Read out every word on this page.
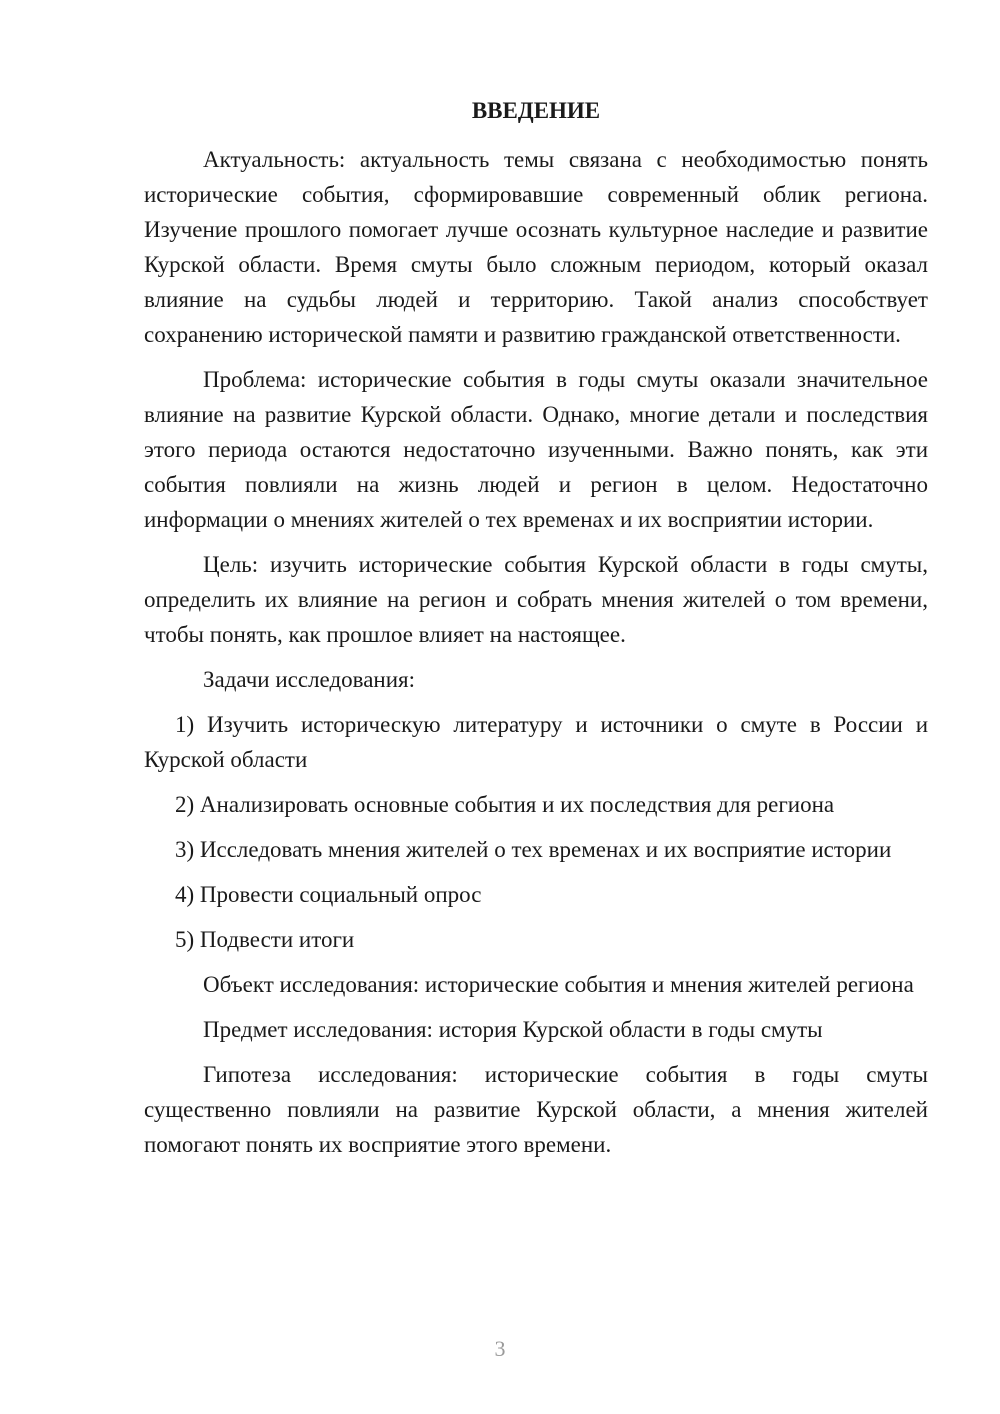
ВВЕДЕНИЕ

Актуальность: актуальность темы связана с необходимостью понять исторические события, сформировавшие современный облик региона. Изучение прошлого помогает лучше осознать культурное наследие и развитие Курской области. Время смуты было сложным периодом, который оказал влияние на судьбы людей и территорию. Такой анализ способствует сохранению исторической памяти и развитию гражданской ответственности.

Проблема: исторические события в годы смуты оказали значительное влияние на развитие Курской области. Однако, многие детали и последствия этого периода остаются недостаточно изученными. Важно понять, как эти события повлияли на жизнь людей и регион в целом. Недостаточно информации о мнениях жителей о тех временах и их восприятии истории.

Цель: изучить исторические события Курской области в годы смуты, определить их влияние на регион и собрать мнения жителей о том времени, чтобы понять, как прошлое влияет на настоящее.

Задачи исследования:

1) Изучить историческую литературу и источники о смуте в России и Курской области

2) Анализировать основные события и их последствия для региона

3) Исследовать мнения жителей о тех временах и их восприятие истории

4) Провести социальный опрос

5) Подвести итоги

Объект исследования: исторические события и мнения жителей региона

Предмет исследования: история Курской области в годы смуты

Гипотеза исследования: исторические события в годы смуты существенно повлияли на развитие Курской области, а мнения жителей помогают понять их восприятие этого времени.

3
